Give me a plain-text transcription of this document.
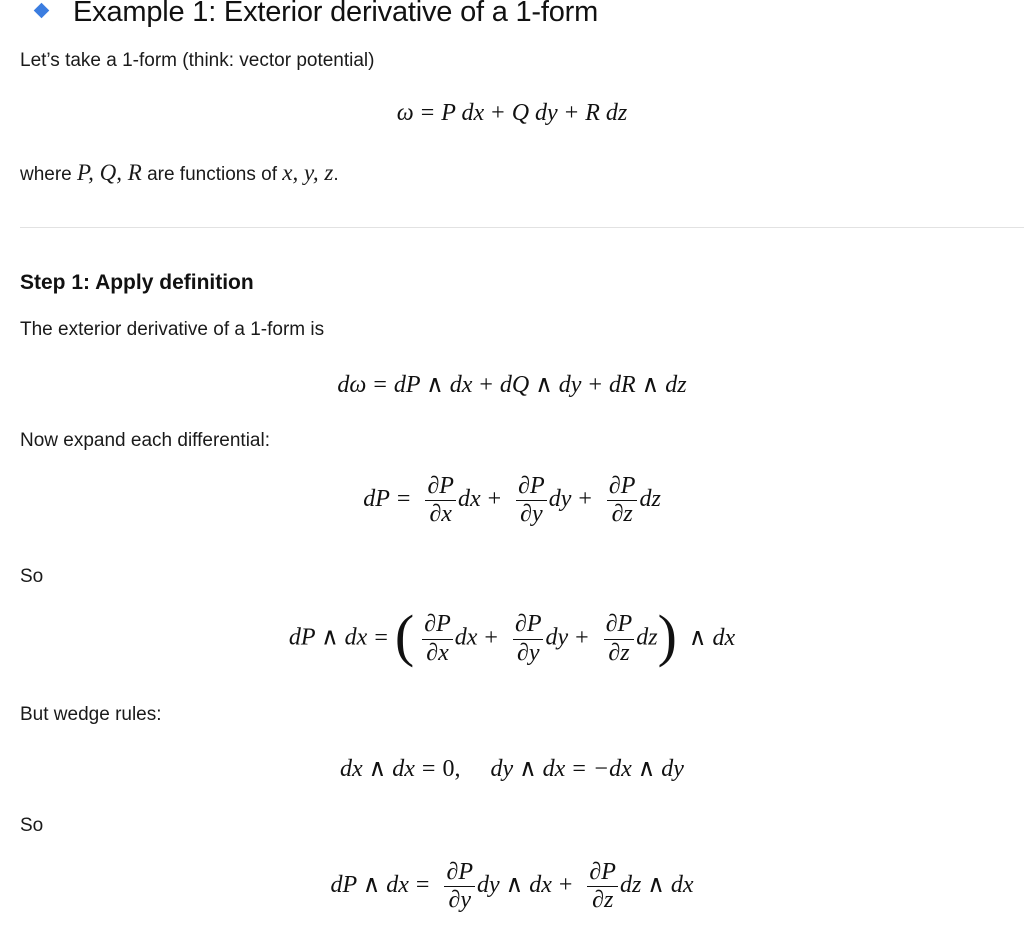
Example 1: Exterior derivative of a 1-form
Let’s take a 1-form (think: vector potential)
ω = P dx + Q dy + R dz
where P, Q, R are functions of x, y, z.
Step 1: Apply definition
The exterior derivative of a 1-form is
dω = dP ∧ dx + dQ ∧ dy + dR ∧ dz
Now expand each differential:
dP = $\frac{\partial P}{\partial x}$ dx + $\frac{\partial P}{\partial y}$ dy + $\frac{\partial P}{\partial z}$ dz
So
dP ∧ dx = ( $\frac{\partial P}{\partial x}$ dx + $\frac{\partial P}{\partial y}$ dy + $\frac{\partial P}{\partial z} dz$) ∧ dx
But wedge rules:
dx ∧ dx = 0, dy ∧ dx = −dx ∧ dy
So
dP ∧ dx = $\frac{\partial P}{\partial y}$ dy ∧ dx + $\frac{\partial P}{\partial z}$ dz ∧ dx
